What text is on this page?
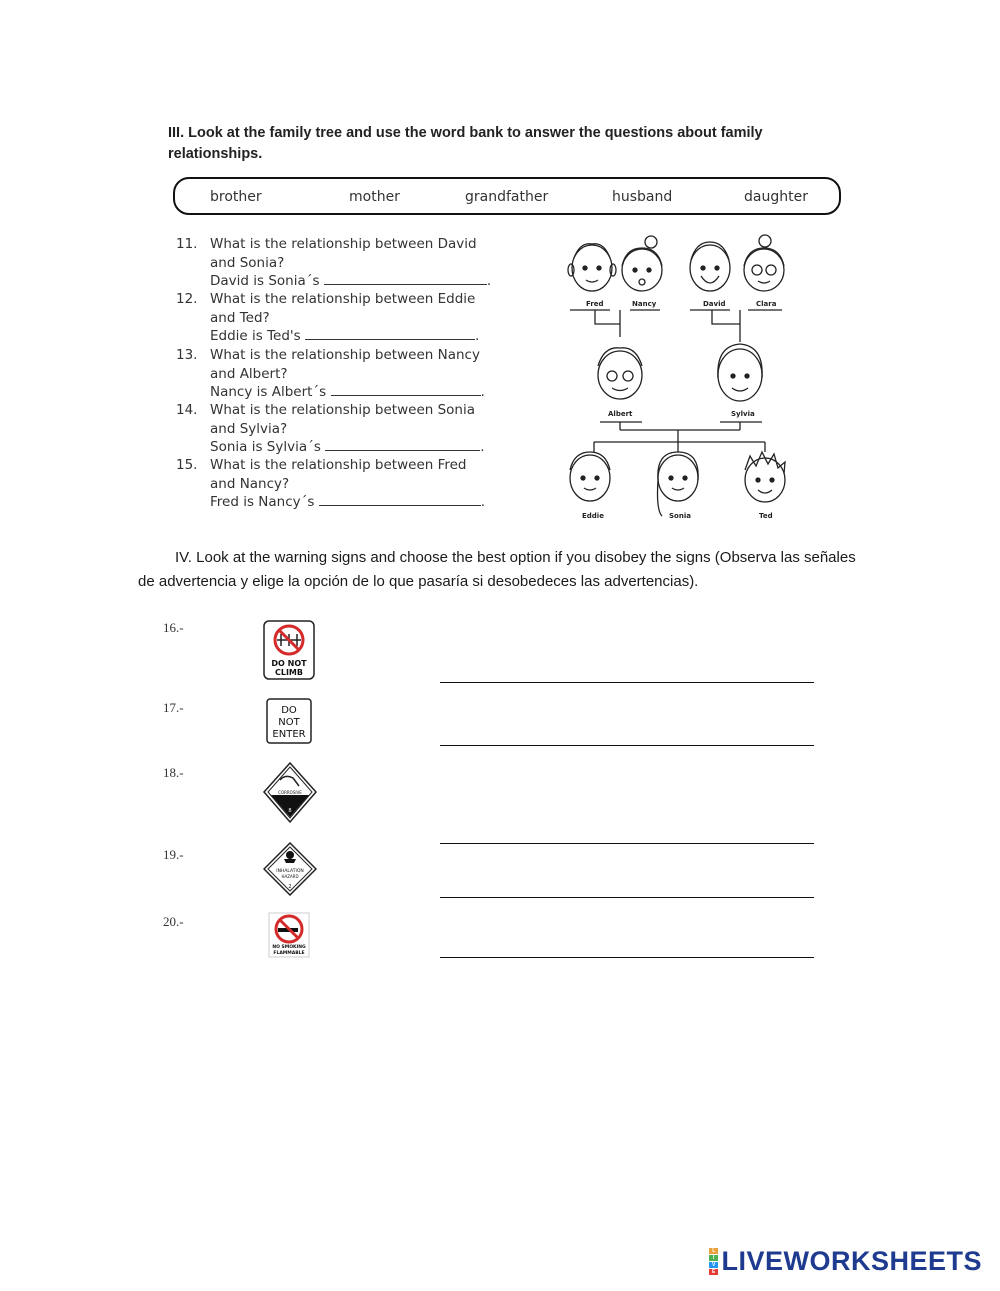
III. Look at the family tree and use the word bank to answer the questions about family relationships.
brother	mother	grandfather	husband	daughter
11. What is the relationship between David
and Sonia?
David is Sonia´s	.
12. What is the relationship between Eddie
and Ted?
Eddie is Ted's	.
13. What is the relationship between Nancy
and Albert?
Nancy is Albert´s	.
14. What is the relationship between Sonia
and Sylvia?
Sonia is Sylvia´s	.
15. What is the relationship between Fred
and Nancy?
Fred is Nancy´s	.
Fred	Nancy	David	Clara
Albert	Sylvia
Eddie	Sonia	Ted
IV. Look at the warning signs and choose the best option if you disobey the signs (Observa las señales de advertencia y elige la opción de lo que pasaría si desobedeces las advertencias).
16.-
DO NOT
CLIMB
17.-	DO
NOT
ENTER
18.-
CORROSIVE
8
19.-
INHALATION
HAZARD
2
20.-
NO SMOKING
FLAMMABLE
L
I
V
E LIVEWORKSHEETS
